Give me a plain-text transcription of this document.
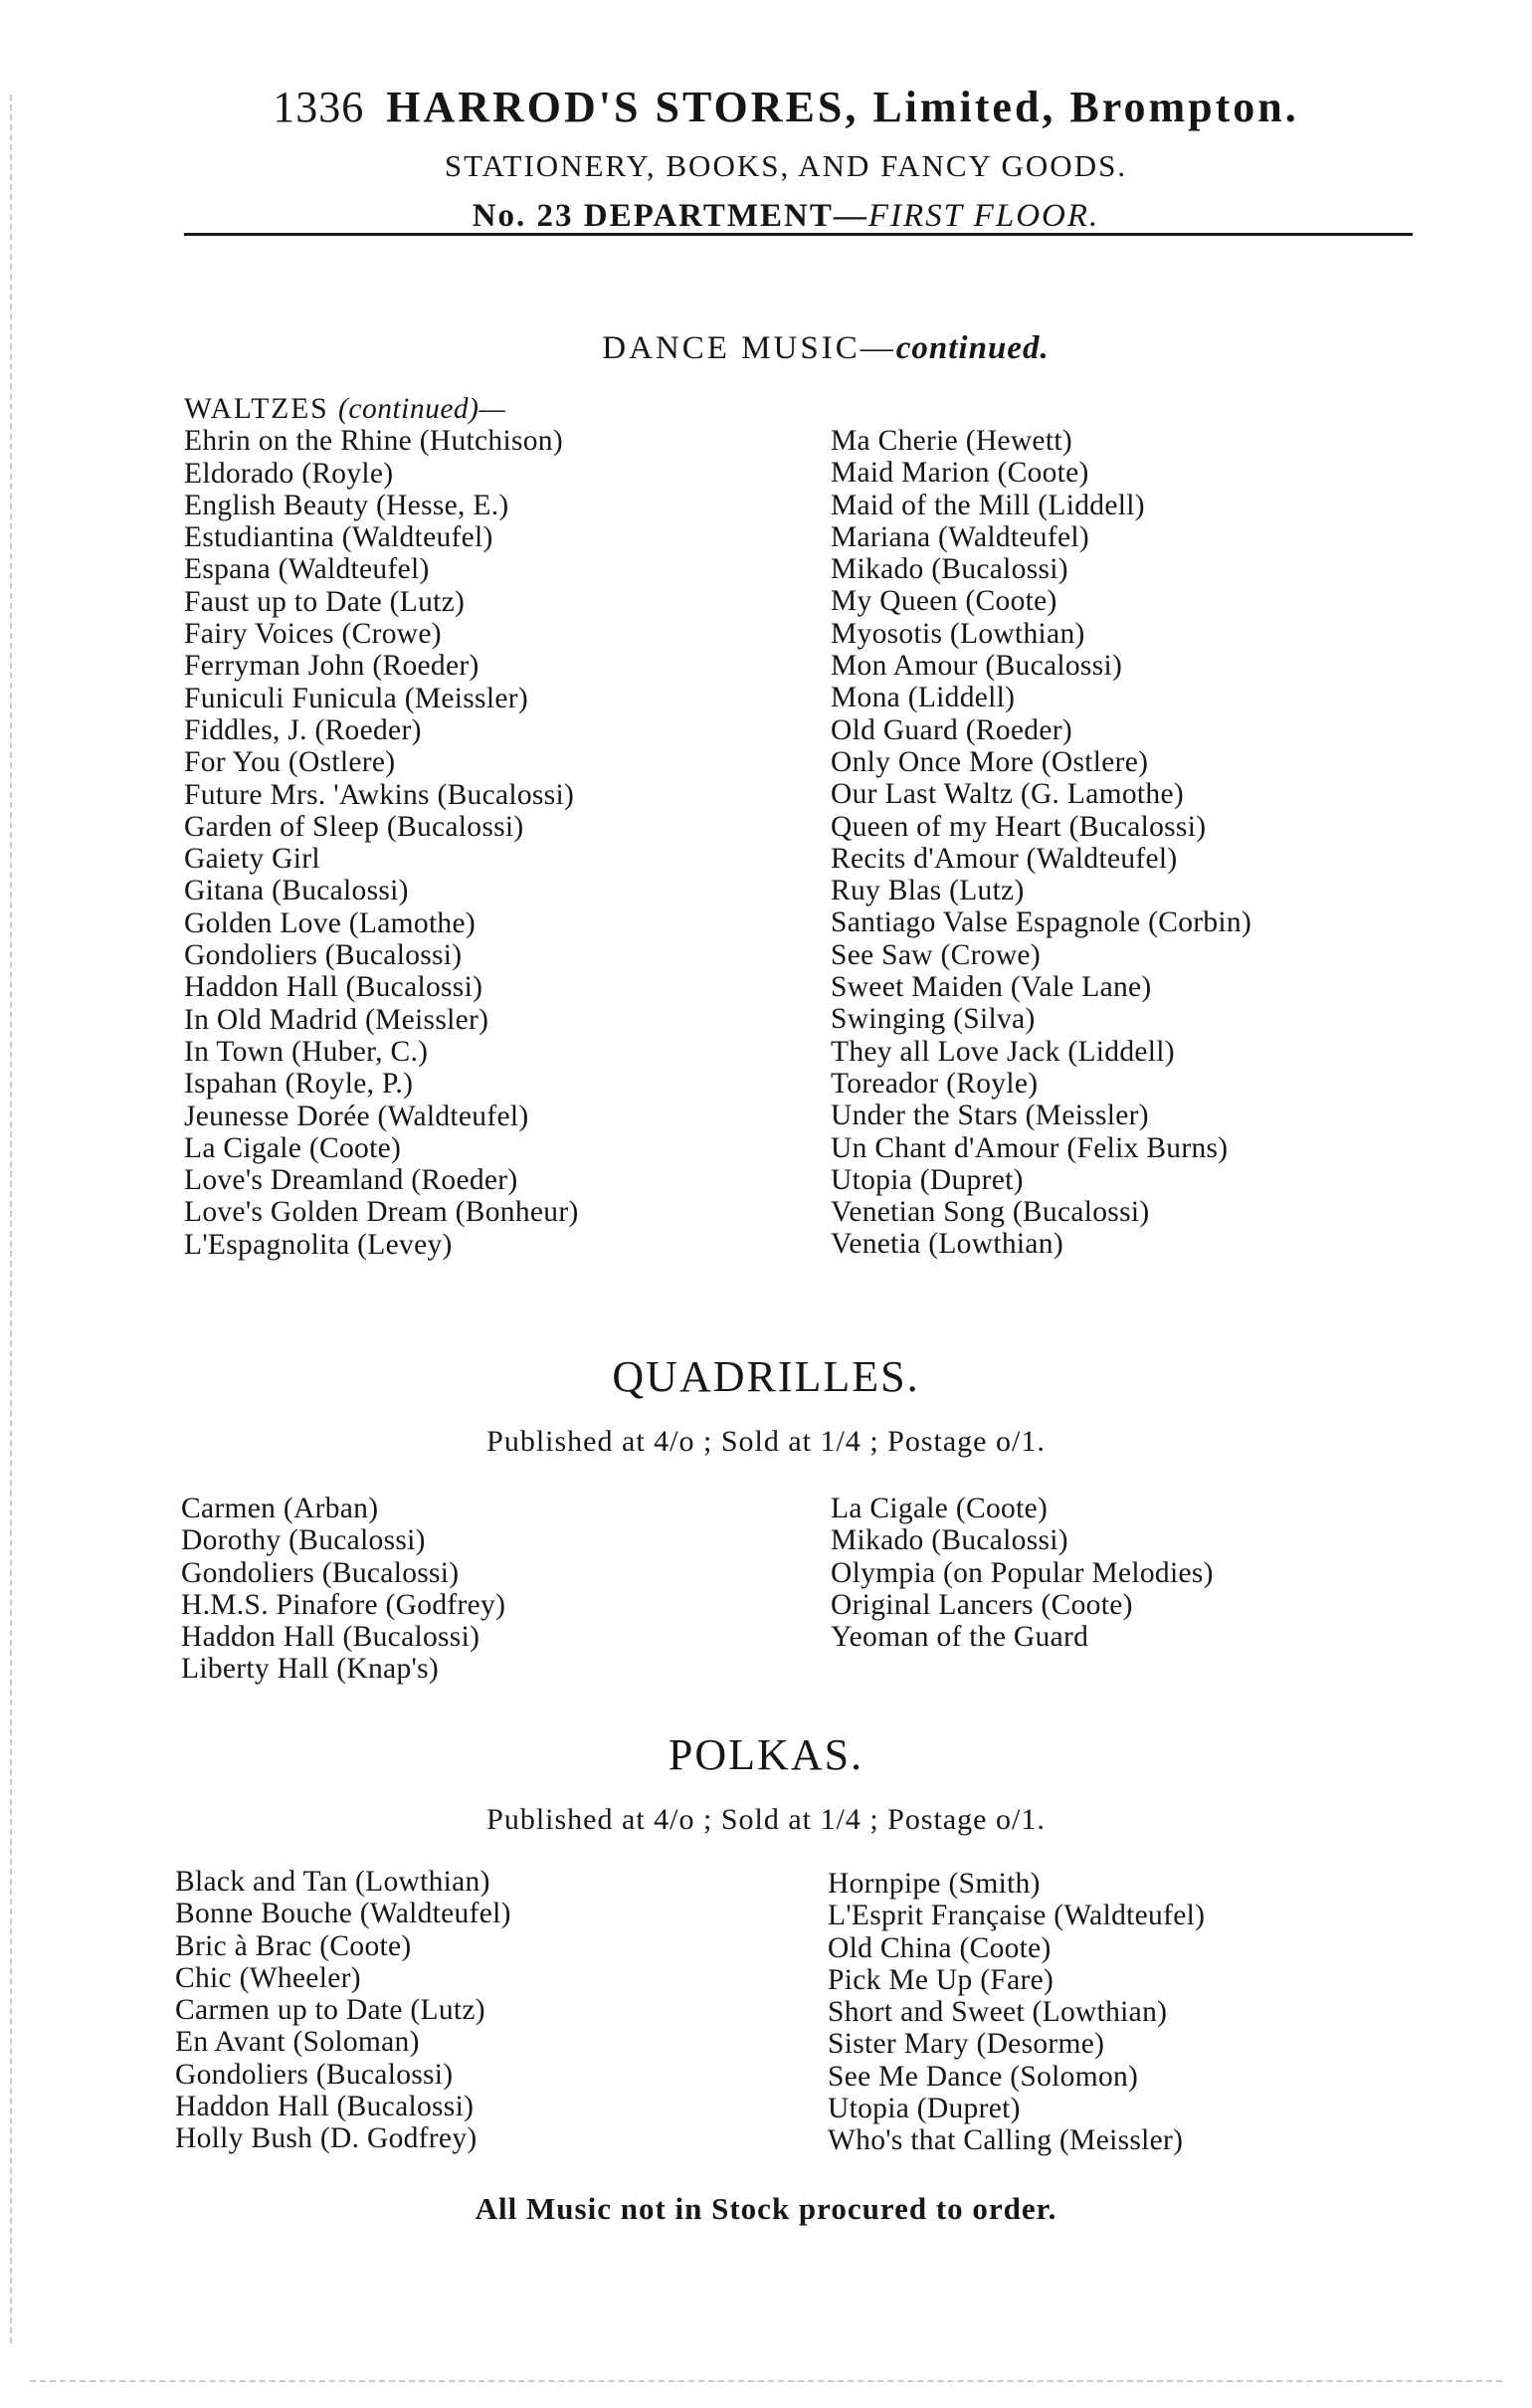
1336 HARROD'S STORES, Limited, Brompton.
STATIONERY, BOOKS, AND FANCY GOODS.
No. 23 DEPARTMENT—FIRST FLOOR.
DANCE MUSIC—continued.
WALTZES (continued)—
Ehrin on the Rhine (Hutchison)
Eldorado (Royle)
English Beauty (Hesse, E.)
Estudiantina (Waldteufel)
Espana (Waldteufel)
Faust up to Date (Lutz)
Fairy Voices (Crowe)
Ferryman John (Roeder)
Funiculi Funicula (Meissler)
Fiddles, J. (Roeder)
For You (Ostlere)
Future Mrs. 'Awkins (Bucalossi)
Garden of Sleep (Bucalossi)
Gaiety Girl
Gitana (Bucalossi)
Golden Love (Lamothe)
Gondoliers (Bucalossi)
Haddon Hall (Bucalossi)
In Old Madrid (Meissler)
In Town (Huber, C.)
Ispahan (Royle, P.)
Jeunesse Dorée (Waldteufel)
La Cigale (Coote)
Love's Dreamland (Roeder)
Love's Golden Dream (Bonheur)
L'Espagnolita (Levey)
Ma Cherie (Hewett)
Maid Marion (Coote)
Maid of the Mill (Liddell)
Mariana (Waldteufel)
Mikado (Bucalossi)
My Queen (Coote)
Myosotis (Lowthian)
Mon Amour (Bucalossi)
Mona (Liddell)
Old Guard (Roeder)
Only Once More (Ostlere)
Our Last Waltz (G. Lamothe)
Queen of my Heart (Bucalossi)
Recits d'Amour (Waldteufel)
Ruy Blas (Lutz)
Santiago Valse Espagnole (Corbin)
See Saw (Crowe)
Sweet Maiden (Vale Lane)
Swinging (Silva)
They all Love Jack (Liddell)
Toreador (Royle)
Under the Stars (Meissler)
Un Chant d'Amour (Felix Burns)
Utopia (Dupret)
Venetian Song (Bucalossi)
Venetia (Lowthian)
QUADRILLES.
Published at 4/o ; Sold at 1/4 ; Postage o/1.
Carmen (Arban)
Dorothy (Bucalossi)
Gondoliers (Bucalossi)
H.M.S. Pinafore (Godfrey)
Haddon Hall (Bucalossi)
Liberty Hall (Knap's)
La Cigale (Coote)
Mikado (Bucalossi)
Olympia (on Popular Melodies)
Original Lancers (Coote)
Yeoman of the Guard
POLKAS.
Published at 4/o ; Sold at 1/4 ; Postage o/1.
Black and Tan (Lowthian)
Bonne Bouche (Waldteufel)
Bric à Brac (Coote)
Chic (Wheeler)
Carmen up to Date (Lutz)
En Avant (Soloman)
Gondoliers (Bucalossi)
Haddon Hall (Bucalossi)
Holly Bush (D. Godfrey)
Hornpipe (Smith)
L'Esprit Française (Waldteufel)
Old China (Coote)
Pick Me Up (Fare)
Short and Sweet (Lowthian)
Sister Mary (Desorme)
See Me Dance (Solomon)
Utopia (Dupret)
Who's that Calling (Meissler)
All Music not in Stock procured to order.
